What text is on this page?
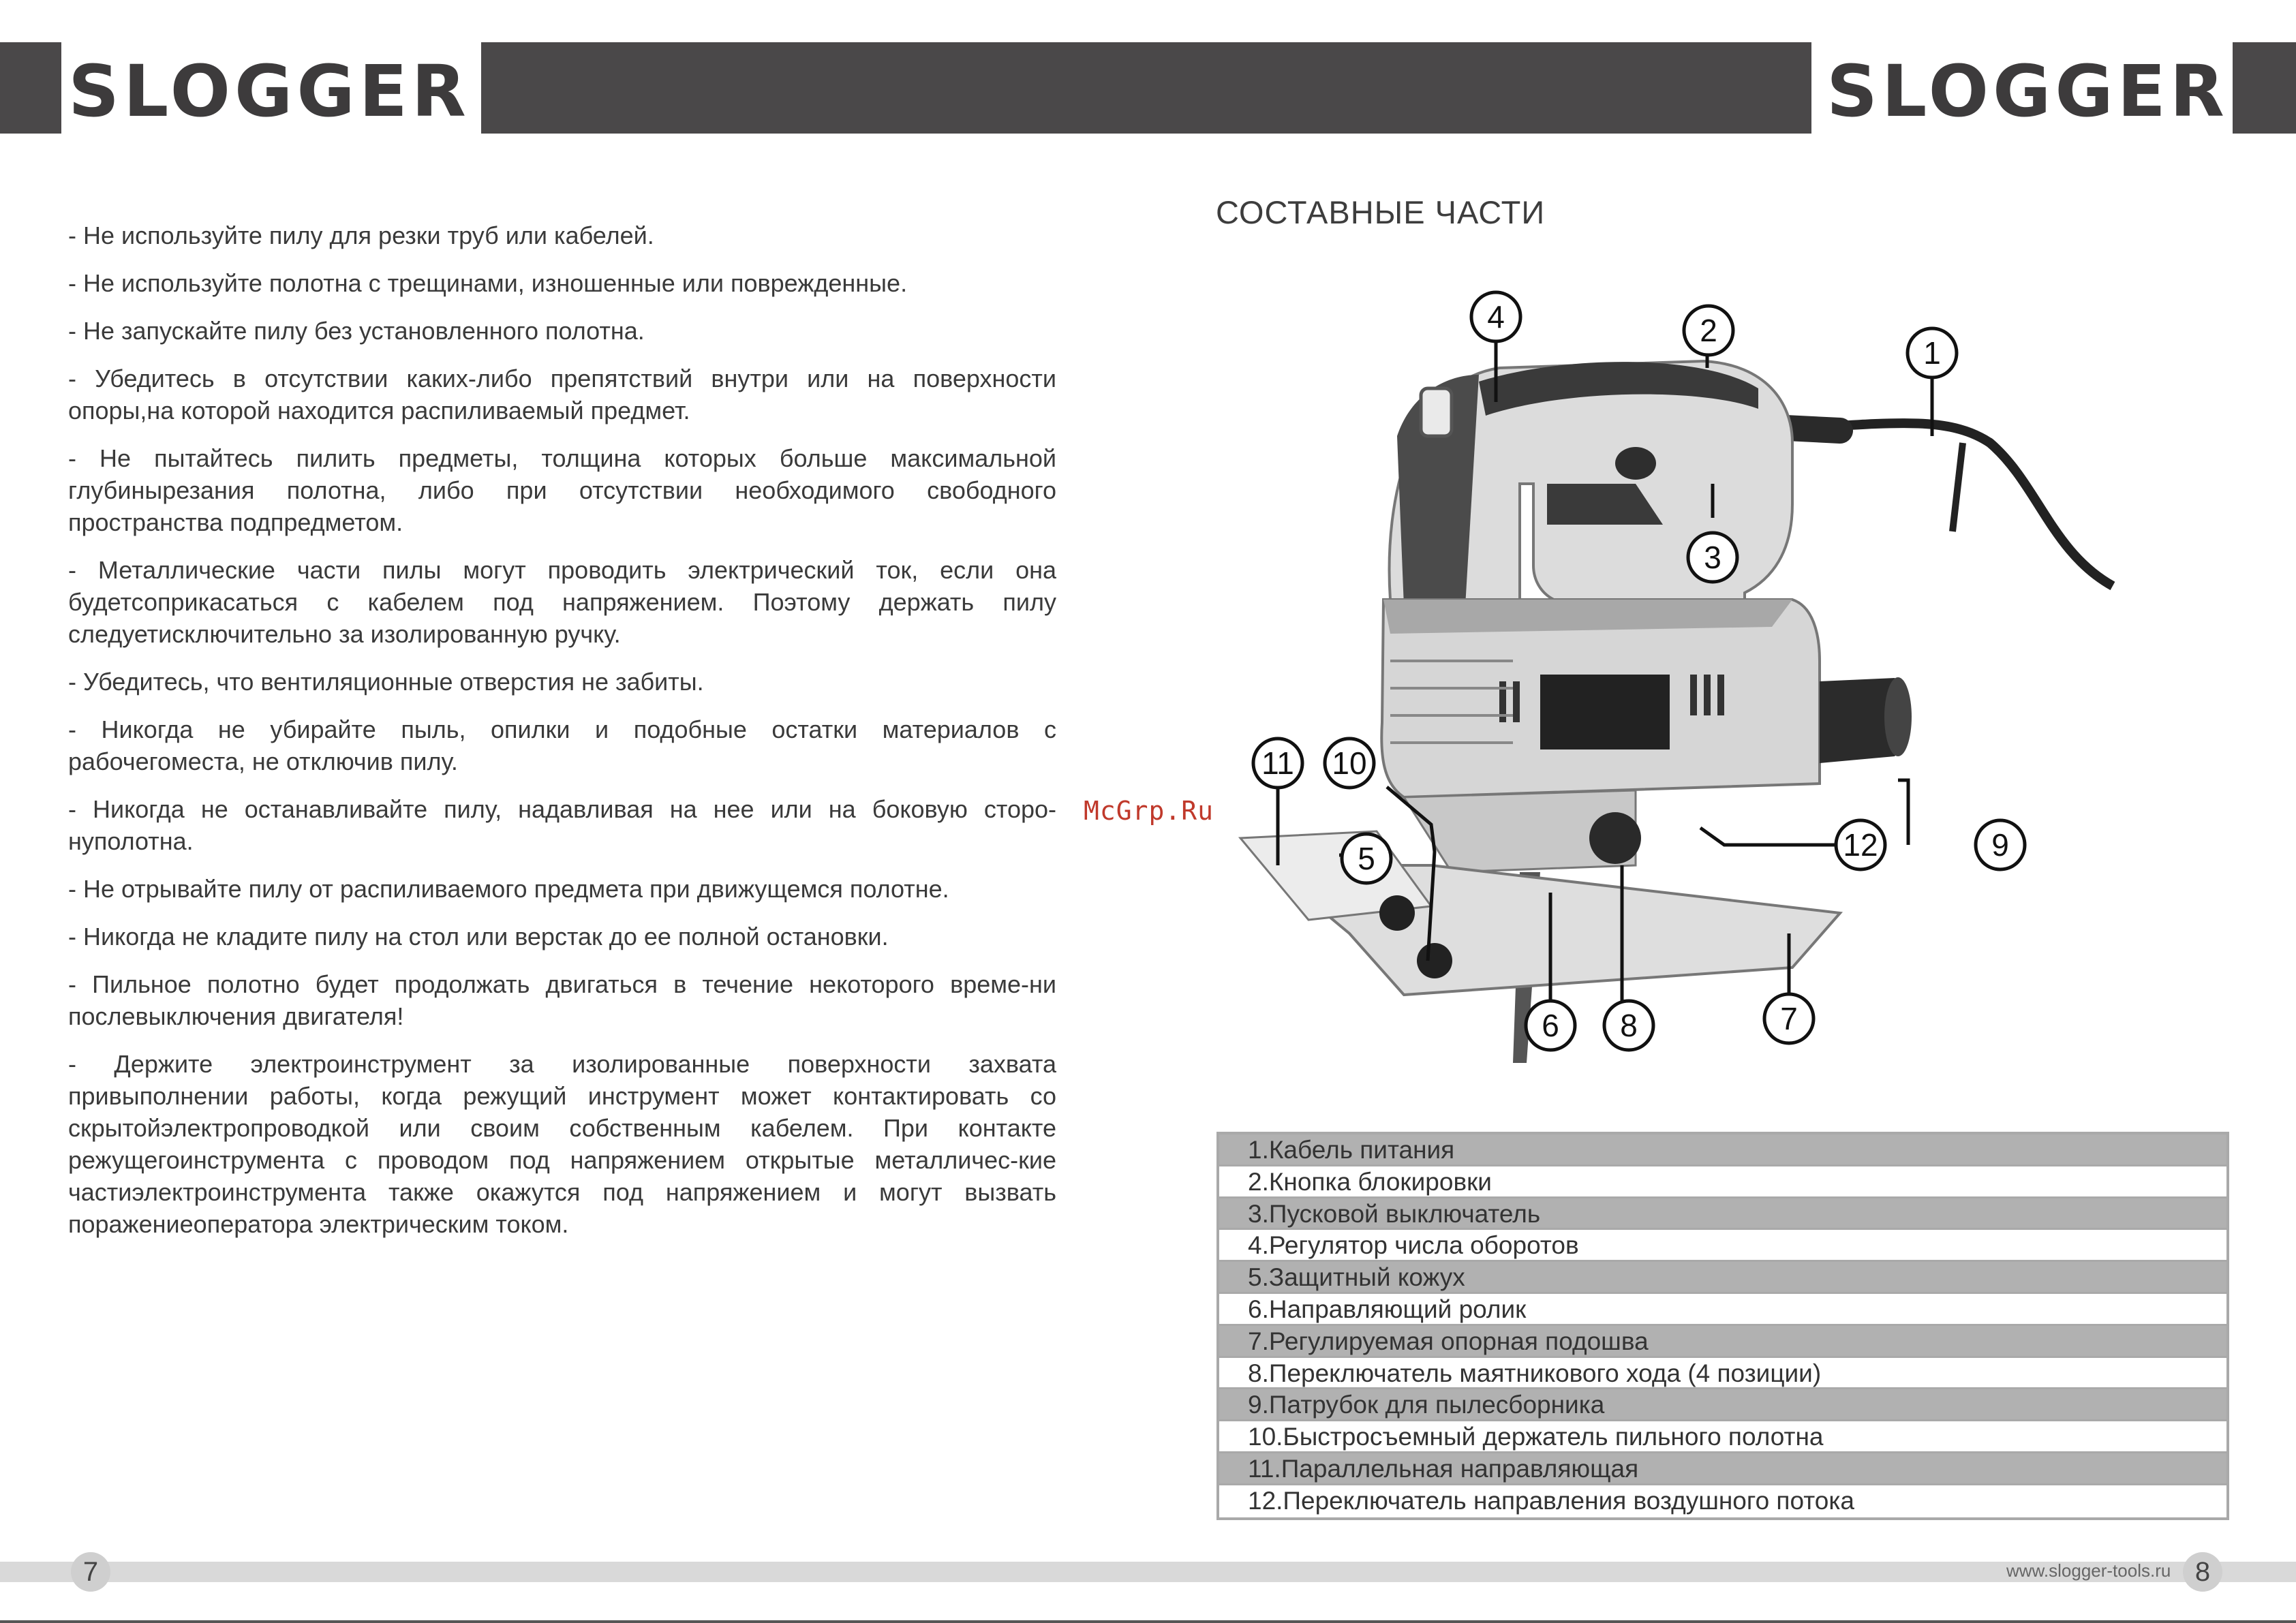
SLOGGER	SLOGGER

- Не используйте пилу для резки труб или кабелей.

- Не используйте полотна с трещинами, изношенные или поврежденные.

- Не запускайте пилу без установленного полотна.

- Убедитесь в отсутствии каких-либо препятствий внутри или на поверхности опоры,на которой находится распиливаемый предмет.

- Не пытайтесь пилить предметы, толщина которых больше максимальной глубинырезания полотна, либо при отсутствии необходимого свободного пространства подпредметом.

- Металлические части пилы могут проводить электрический ток, если она будетсоприкасаться с кабелем под напряжением. Поэтому держать пилу следуетисключительно за изолированную ручку.

- Убедитесь, что вентиляционные отверстия не забиты.

- Никогда не убирайте пыль, опилки и подобные остатки материалов с рабочегоместа, не отключив пилу.

- Никогда не останавливайте пилу, надавливая на нее или на боковую сторо-нуполотна.

- Не отрывайте пилу от распиливаемого предмета при движущемся полотне.

- Никогда не кладите пилу на стол или верстак до ее полной остановки.

- Пильное полотно будет продолжать двигаться в течение некоторого време-ни послевыключения двигателя!

- Держите электроинструмент за изолированные поверхности захвата привыполнении работы, когда режущий инструмент может контактировать со скрытойэлектропроводкой или своим собственным кабелем. При контакте режущегоинструмента с проводом под напряжением открытые металличес-кие частиэлектроинструмента также окажутся под напряжением и могут вызвать поражениеоператора электрическим током.

СОСТАВНЫЕ ЧАСТИ
McGrp.Ru
4	2
1
3
11 10
5	12	9
6 8	7
1.Кабель питания
2.Кнопка блокировки
3.Пусковой выключатель
4.Регулятор числа оборотов
5.Защитный кожух
6.Направляющий ролик
7.Регулируемая опорная подошва
8.Переключатель маятникового хода (4 позиции)
9.Патрубок для пылесборника
10.Быстросъемный держатель пильного полотна
11.Параллельная направляющая
12.Переключатель направления воздушного потока
7	www.slogger-tools.ru 8
